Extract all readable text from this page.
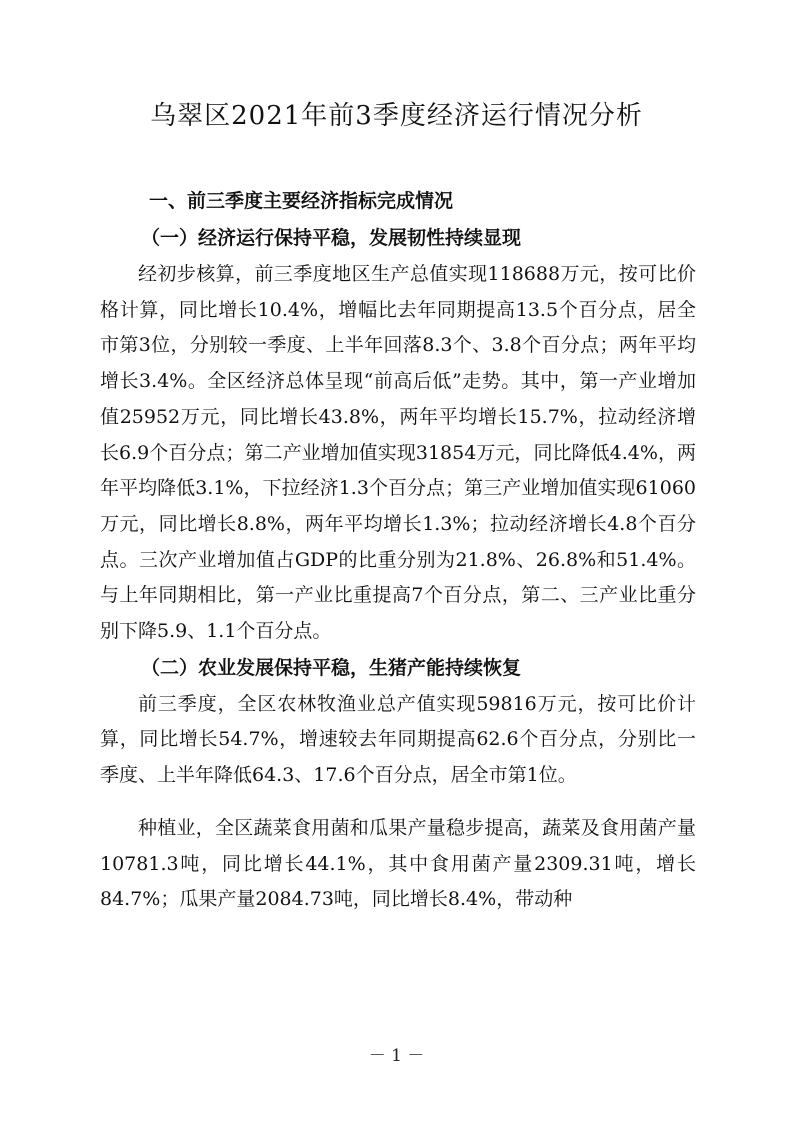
乌翠区2021年前3季度经济运行情况分析
一、前三季度主要经济指标完成情况
（一）经济运行保持平稳，发展韧性持续显现

经初步核算，前三季度地区生产总值实现118688万元，按可比价格计算，同比增长10.4%，增幅比去年同期提高13.5个百分点，居全市第3位，分别较一季度、上半年回落8.3个、3.8个百分点；两年平均增长3.4%。全区经济总体呈现“前高后低”走势。其中，第一产业增加值25952万元，同比增长43.8%，两年平均增长15.7%，拉动经济增长6.9个百分点；第二产业增加值实现31854万元，同比降低4.4%，两年平均降低3.1%，下拉经济1.3个百分点；第三产业增加值实现61060万元，同比增长8.8%，两年平均增长1.3%；拉动经济增长4.8个百分点。三次产业增加值占GDP的比重分别为21.8%、26.8%和51.4%。与上年同期相比，第一产业比重提高7个百分点，第二、三产业比重分别下降5.9、1.1个百分点。

（二）农业发展保持平稳，生猪产能持续恢复

前三季度，全区农林牧渔业总产值实现59816万元，按可比价计算，同比增长54.7%，增速较去年同期提高62.6个百分点，分别比一季度、上半年降低64.3、17.6个百分点，居全市第1位。

种植业，全区蔬菜食用菌和瓜果产量稳步提高，蔬菜及食用菌产量10781.3吨，同比增长44.1%，其中食用菌产量2309.31吨，增长84.7%；瓜果产量2084.73吨，同比增长8.4%，带动种

－ 1 －
